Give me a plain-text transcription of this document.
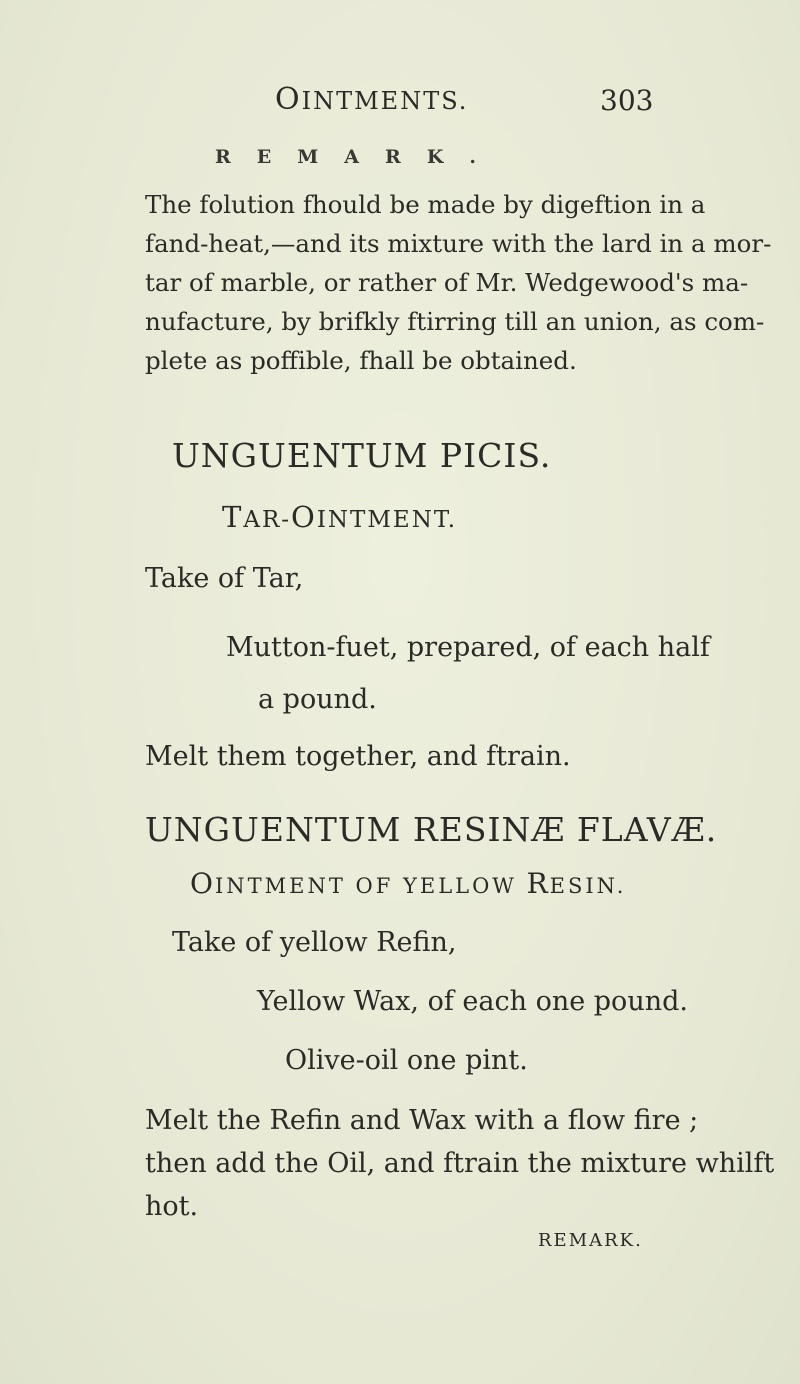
OINTMENTS.	303
REMARK.
The folution fhould be made by digeftion in a
fand-heat,—and its mixture with the lard in a mor-
tar of marble, or rather of Mr. Wedgewood's ma-
nufacture, by brifkly ftirring till an union, as com-
plete as poffible, fhall be obtained.
UNGUENTUM PICIS.
TAR-OINTMENT.
Take of Tar,
Mutton-fuet, prepared, of each half
a pound.
Melt them together, and ftrain.
UNGUENTUM RESINÆ FLAVÆ.
OINTMENT OF YELLOW RESIN.
Take of yellow Refin,
Yellow Wax, of each one pound.
Olive-oil one pint.
Melt the Refin and Wax with a flow fire ;
then add the Oil, and ftrain the mixture whilft
hot.
REMARK.
